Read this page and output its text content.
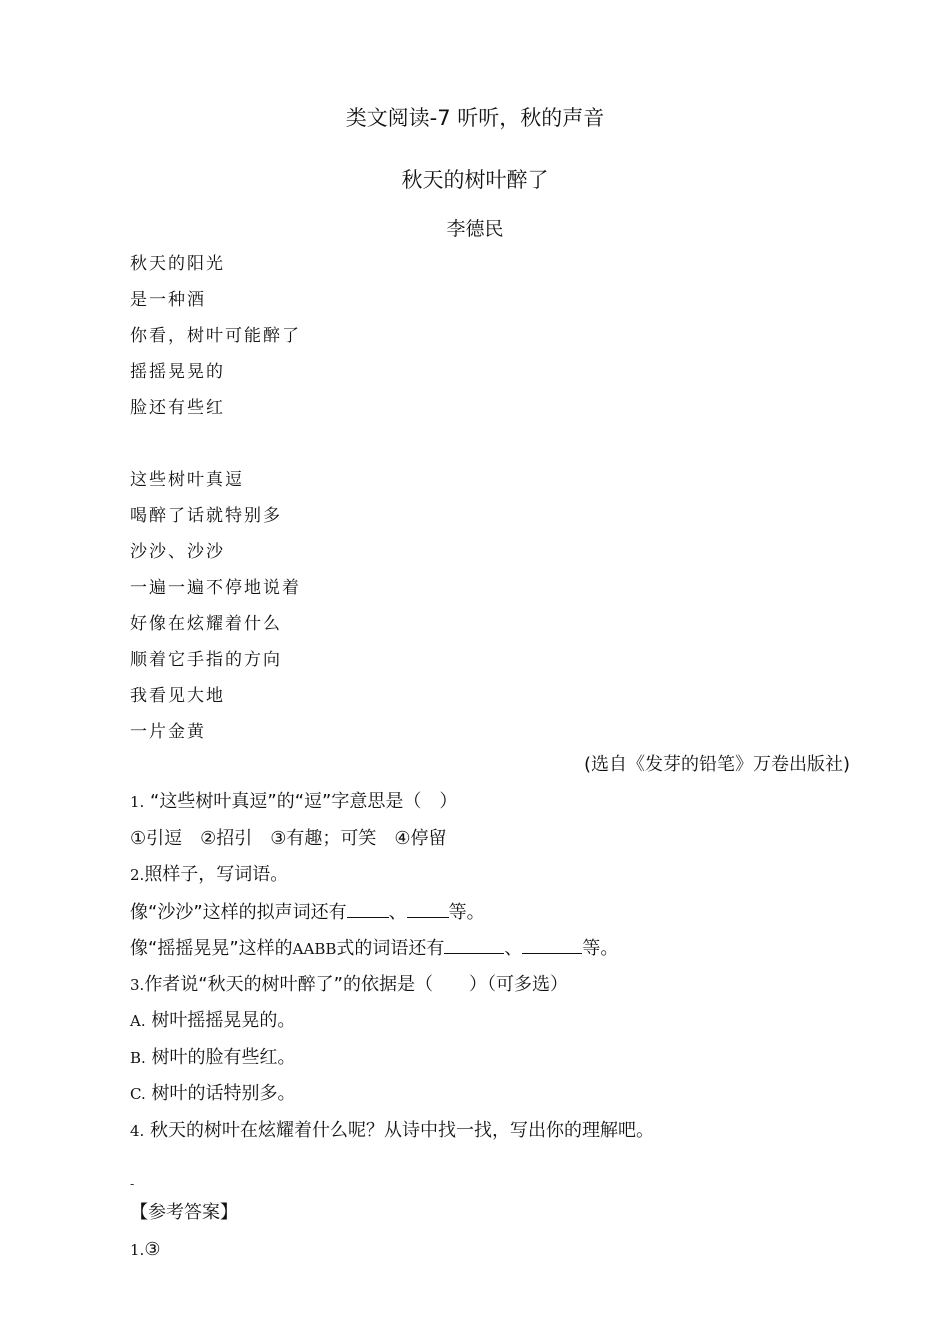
类文阅读-7 听听，秋的声音
秋天的树叶醉了
李德民
秋天的阳光
是一种酒
你看，树叶可能醉了
摇摇晃晃的
脸还有些红
这些树叶真逗
喝醉了话就特别多
沙沙、沙沙
一遍一遍不停地说着
好像在炫耀着什么
顺着它手指的方向
我看见大地
一片金黄
(选自《发芽的铅笔》万卷出版社)
1. “这些树叶真逗”的“逗”字意思是（　）
①引逗　②招引　③有趣；可笑　④停留
2.照样子，写词语。
像“沙沙”这样的拟声词还有 、 等。
像“摇摇晃晃”这样的AABB式的词语还有	、	等。
3.作者说“秋天的树叶醉了”的依据是（　　）（可多选）
A. 树叶摇摇晃晃的。
B. 树叶的脸有些红。
C. 树叶的话特别多。
4. 秋天的树叶在炫耀着什么呢？从诗中找一找，写出你的理解吧。
-
【参考答案】
1.③
